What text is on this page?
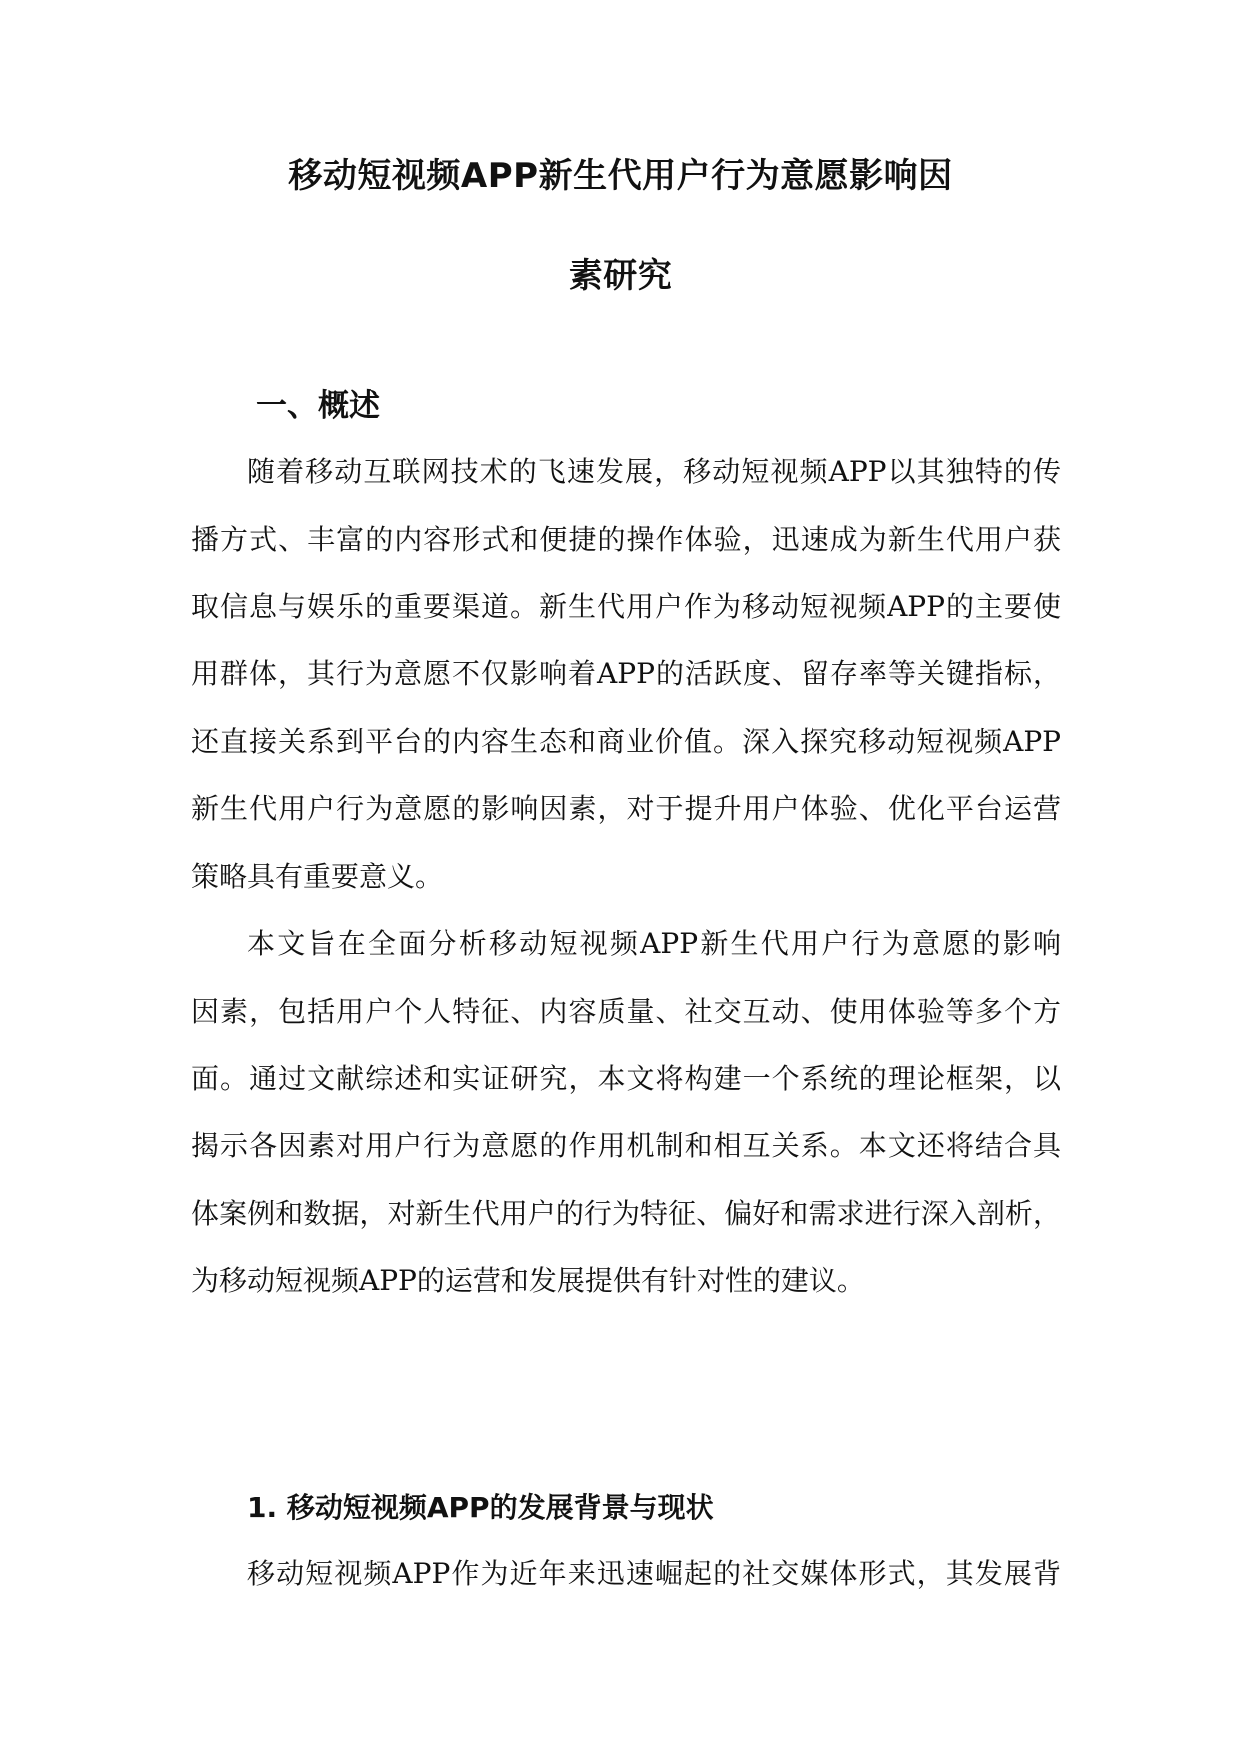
移动短视频APP新生代用户行为意愿影响因
素研究
一、概述
随着移动互联网技术的飞速发展，移动短视频APP以其独特的传
播方式、丰富的内容形式和便捷的操作体验，迅速成为新生代用户获
取信息与娱乐的重要渠道。新生代用户作为移动短视频APP的主要使
用群体，其行为意愿不仅影响着APP的活跃度、留存率等关键指标，
还直接关系到平台的内容生态和商业价值。深入探究移动短视频APP
新生代用户行为意愿的影响因素，对于提升用户体验、优化平台运营
策略具有重要意义。
本文旨在全面分析移动短视频APP新生代用户行为意愿的影响
因素，包括用户个人特征、内容质量、社交互动、使用体验等多个方
面。通过文献综述和实证研究，本文将构建一个系统的理论框架，以
揭示各因素对用户行为意愿的作用机制和相互关系。本文还将结合具
体案例和数据，对新生代用户的行为特征、偏好和需求进行深入剖析，
为移动短视频APP的运营和发展提供有针对性的建议。
1. 移动短视频APP的发展背景与现状
移动短视频APP作为近年来迅速崛起的社交媒体形式，其发展背
